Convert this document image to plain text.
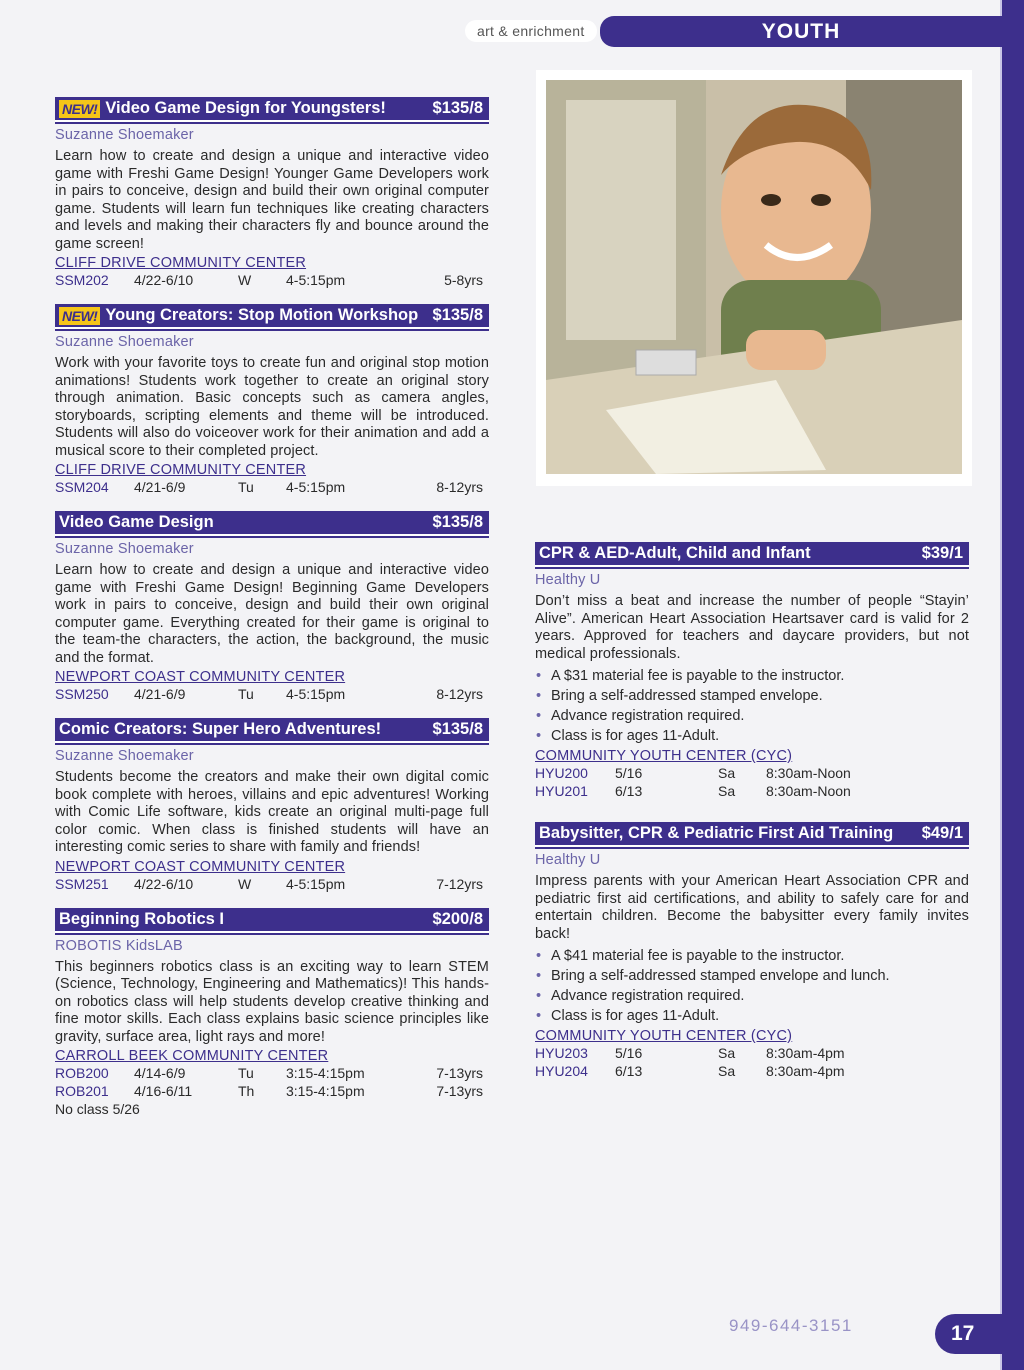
art & enrichment	YOUTH
NEW! Video Game Design for Youngsters!	$135/8
Suzanne Shoemaker
Learn how to create and design a unique and interactive video game with Freshi Game Design! Younger Game Developers work in pairs to conceive, design and build their own original computer game. Students will learn fun techniques like creating characters and levels and making their characters fly and bounce around the game screen!
CLIFF DRIVE COMMUNITY CENTER
SSM202 4/22-6/10	W 4-5:15pm	5-8yrs
NEW! Young Creators: Stop Motion Workshop $135/8
Suzanne Shoemaker
Work with your favorite toys to create fun and original stop motion animations! Students work together to create an original story through animation. Basic concepts such as camera angles, storyboards, scripting elements and theme will be introduced. Students will also do voiceover work for their animation and add a musical score to their completed project.
CLIFF DRIVE COMMUNITY CENTER
SSM204 4/21-6/9	Tu 4-5:15pm	8-12yrs
Video Game Design	$135/8
Suzanne Shoemaker
Learn how to create and design a unique and interactive video game with Freshi Game Design! Beginning Game Developers work in pairs to conceive, design and build their own original computer game. Everything created for their game is original to the team-the characters, the action, the background, the music and the format.
NEWPORT COAST COMMUNITY CENTER
SSM250 4/21-6/9	Tu 4-5:15pm	8-12yrs
Comic Creators: Super Hero Adventures!	$135/8
Suzanne Shoemaker
Students become the creators and make their own digital comic book complete with heroes, villains and epic adventures! Working with Comic Life software, kids create an original multi-page full color comic. When class is finished students will have an interesting comic series to share with family and friends!
NEWPORT COAST COMMUNITY CENTER
SSM251 4/22-6/10	W 4-5:15pm	7-12yrs
Beginning Robotics I	$200/8
ROBOTIS KidsLAB
This beginners robotics class is an exciting way to learn STEM (Science, Technology, Engineering and Mathematics)! This hands-on robotics class will help students develop creative thinking and fine motor skills. Each class explains basic science principles like gravity, surface area, light rays and more!
CARROLL BEEK COMMUNITY CENTER
ROB200 4/14-6/9	Tu 3:15-4:15pm	7-13yrs
ROB201 4/16-6/11	Th 3:15-4:15pm	7-13yrs
No class 5/26
CPR & AED-Adult, Child and Infant	$39/1
Healthy U
Don’t miss a beat and increase the number of people “Stayin’ Alive”. American Heart Association Heartsaver card is valid for 2 years. Approved for teachers and daycare providers, but not medical professionals.
• A $31 material fee is payable to the instructor.
• Bring a self-addressed stamped envelope.
• Advance registration required.
• Class is for ages 11-Adult.
COMMUNITY YOUTH CENTER (CYC)
HYU200 5/16	Sa 8:30am-Noon
HYU201 6/13	Sa 8:30am-Noon
Babysitter, CPR & Pediatric First Aid Training	$49/1
Healthy U
Impress parents with your American Heart Association CPR and pediatric first aid certifications, and ability to safely care for and entertain children. Become the babysitter every family invites back!
• A $41 material fee is payable to the instructor.
• Bring a self-addressed stamped envelope and lunch.
• Advance registration required.
• Class is for ages 11-Adult.
COMMUNITY YOUTH CENTER (CYC)
HYU203 5/16	Sa 8:30am-4pm
HYU204 6/13	Sa 8:30am-4pm
949-644-3151	17
